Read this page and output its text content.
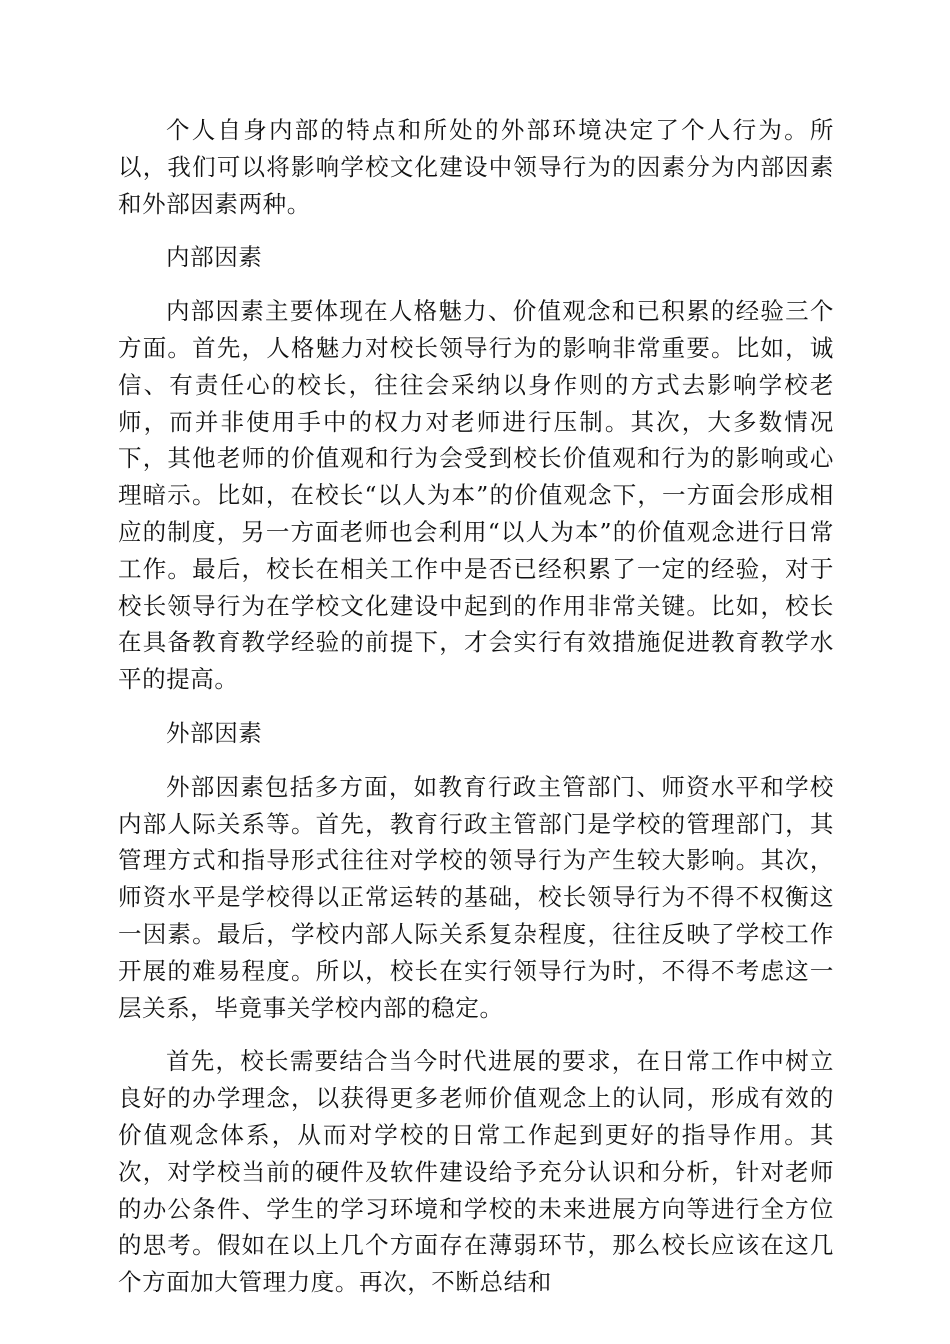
个人自身内部的特点和所处的外部环境决定了个人行为。所以，我们可以将影响学校文化建设中领导行为的因素分为内部因素和外部因素两种。

内部因素

内部因素主要体现在人格魅力、价值观念和已积累的经验三个方面。首先，人格魅力对校长领导行为的影响非常重要。比如，诚信、有责任心的校长，往往会采纳以身作则的方式去影响学校老师，而并非使用手中的权力对老师进行压制。其次，大多数情况下，其他老师的价值观和行为会受到校长价值观和行为的影响或心理暗示。比如，在校长“以人为本”的价值观念下，一方面会形成相应的制度，另一方面老师也会利用“以人为本”的价值观念进行日常工作。最后，校长在相关工作中是否已经积累了一定的经验，对于校长领导行为在学校文化建设中起到的作用非常关键。比如，校长在具备教育教学经验的前提下，才会实行有效措施促进教育教学水平的提高。

外部因素

外部因素包括多方面，如教育行政主管部门、师资水平和学校内部人际关系等。首先，教育行政主管部门是学校的管理部门，其管理方式和指导形式往往对学校的领导行为产生较大影响。其次，师资水平是学校得以正常运转的基础，校长领导行为不得不权衡这一因素。最后，学校内部人际关系复杂程度，往往反映了学校工作开展的难易程度。所以，校长在实行领导行为时，不得不考虑这一层关系，毕竟事关学校内部的稳定。

首先，校长需要结合当今时代进展的要求，在日常工作中树立良好的办学理念，以获得更多老师价值观念上的认同，形成有效的价值观念体系，从而对学校的日常工作起到更好的指导作用。其次，对学校当前的硬件及软件建设给予充分认识和分析，针对老师的办公条件、学生的学习环境和学校的未来进展方向等进行全方位的思考。假如在以上几个方面存在薄弱环节，那么校长应该在这几个方面加大管理力度。再次，不断总结和
